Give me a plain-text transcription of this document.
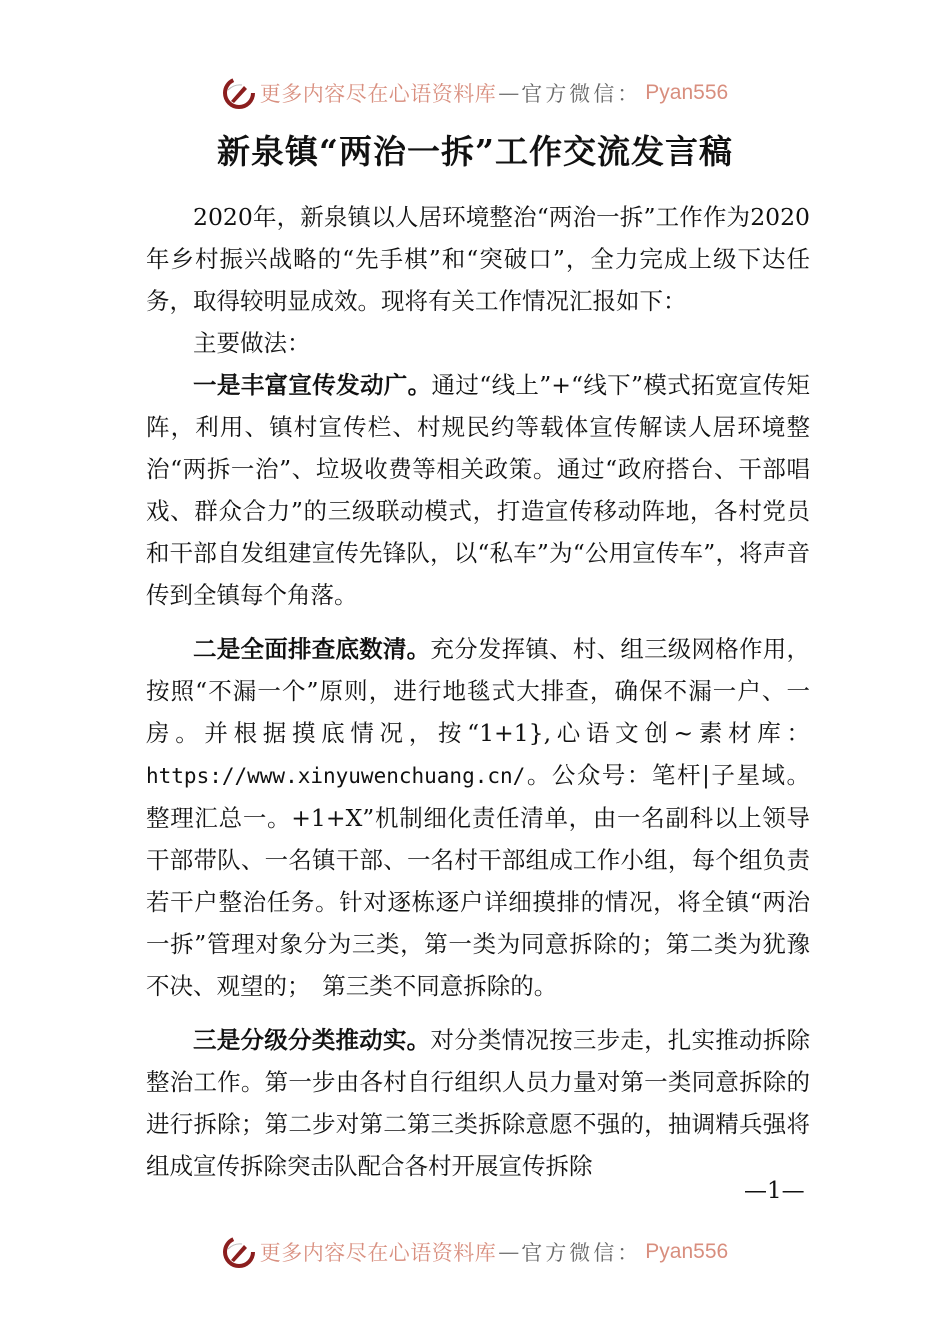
更多内容尽在心语资料库 — 官方微信： Pyan556
新泉镇“两治一拆”工作交流发言稿

2020年，新泉镇以人居环境整治“两治一拆”工作作为2020年乡村振兴战略的“先手棋”和“突破口”，全力完成上级下达任务，取得较明显成效。现将有关工作情况汇报如下：

主要做法：

一是丰富宣传发动广。通过“线上”+“线下”模式拓宽宣传矩阵，利用、镇村宣传栏、村规民约等载体宣传解读人居环境整治“两拆一治”、垃圾收费等相关政策。通过“政府搭台、干部唱戏、群众合力”的三级联动模式，打造宣传移动阵地，各村党员和干部自发组建宣传先锋队，以“私车”为“公用宣传车”，将声音传到全镇每个角落。

二是全面排查底数清。充分发挥镇、村、组三级网格作用，按照“不漏一个”原则，进行地毯式大排查，确保不漏一户、一房。并根据摸底情况，按“1+1},心语文创~素材库：https://www.xinyuwenchuang.cn/。公众号：笔杆|子星域。整理汇总一。+1+X”机制细化责任清单，由一名副科以上领导干部带队、一名镇干部、一名村干部组成工作小组，每个组负责若干户整治任务。针对逐栋逐户详细摸排的情况，将全镇“两治一拆”管理对象分为三类，第一类为同意拆除的；第二类为犹豫不决、观望的；　第三类不同意拆除的。

三是分级分类推动实。对分类情况按三步走，扎实推动拆除整治工作。第一步由各村自行组织人员力量对第一类同意拆除的进行拆除；第二步对第二第三类拆除意愿不强的，抽调精兵强将组成宣传拆除突击队配合各村开展宣传拆除

—1—
更多内容尽在心语资料库 — 官方微信： Pyan556
